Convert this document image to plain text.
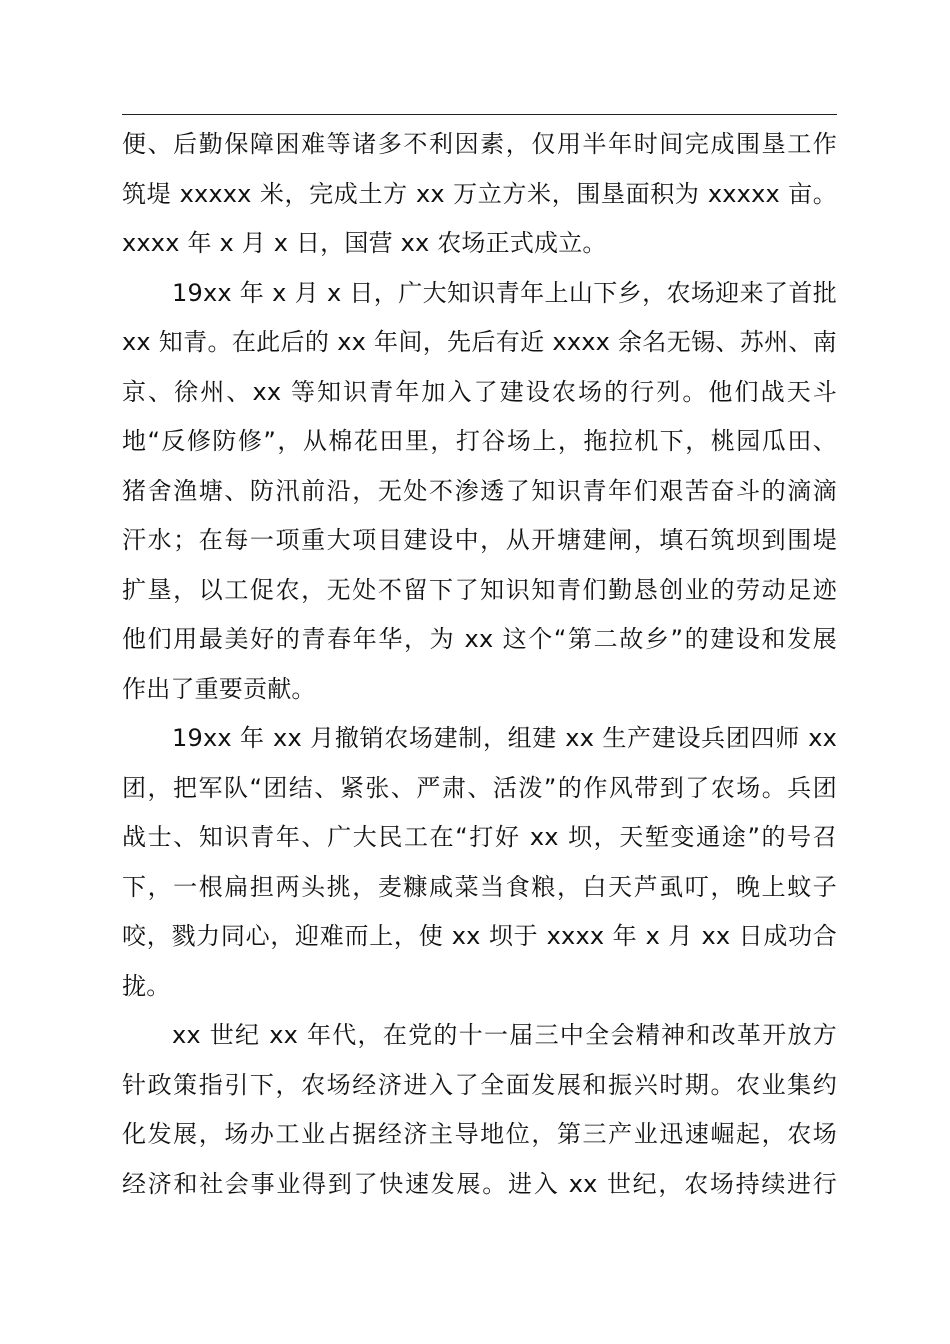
便、后勤保障困难等诸多不利因素，仅用半年时间完成围垦工作
筑堤 xxxxx 米，完成土方 xx 万立方米，围垦面积为 xxxxx 亩。
xxxx 年 x 月 x 日，国营 xx 农场正式成立。
19xx 年 x 月 x 日，广大知识青年上山下乡，农场迎来了首批
xx 知青。在此后的 xx 年间，先后有近 xxxx 余名无锡、苏州、南
京、徐州、xx 等知识青年加入了建设农场的行列。他们战天斗
地“反修防修”，从棉花田里，打谷场上，拖拉机下，桃园瓜田、
猪舍渔塘、防汛前沿，无处不渗透了知识青年们艰苦奋斗的滴滴
汗水；在每一项重大项目建设中，从开塘建闸，填石筑坝到围堤
扩垦，以工促农，无处不留下了知识知青们勤恳创业的劳动足迹
他们用最美好的青春年华，为 xx 这个“第二故乡”的建设和发展
作出了重要贡献。
19xx 年 xx 月撤销农场建制，组建 xx 生产建设兵团四师 xx
团，把军队“团结、紧张、严肃、活泼”的作风带到了农场。兵团
战士、知识青年、广大民工在“打好 xx 坝，天堑变通途”的号召
下，一根扁担两头挑，麦糠咸菜当食粮，白天芦虱叮，晚上蚊子
咬，戮力同心，迎难而上，使 xx 坝于 xxxx 年 x 月 xx 日成功合
拢。
xx 世纪 xx 年代，在党的十一届三中全会精神和改革开放方
针政策指引下，农场经济进入了全面发展和振兴时期。农业集约
化发展，场办工业占据经济主导地位，第三产业迅速崛起，农场
经济和社会事业得到了快速发展。进入 xx 世纪，农场持续进行
